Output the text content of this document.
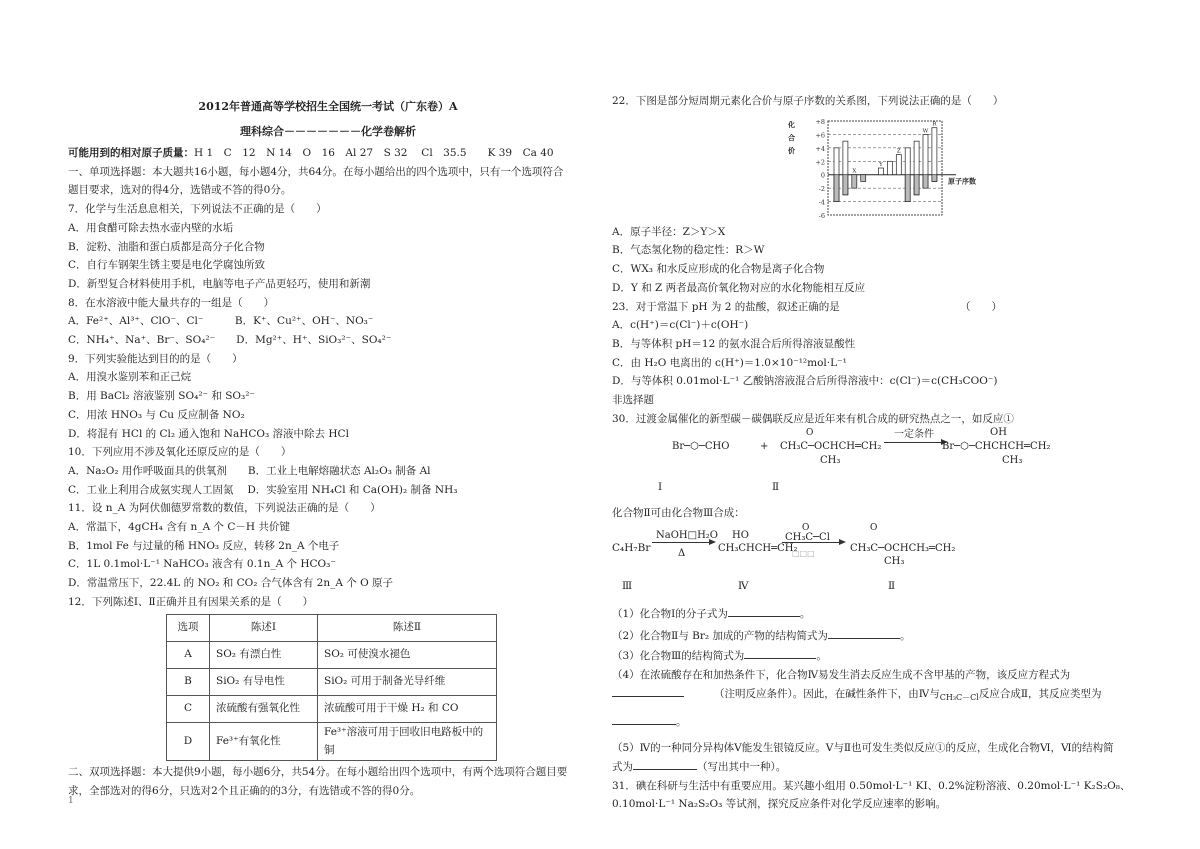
2012年普通高等学校招生全国统一考试（广东卷）A
理科综合－－－－－－－化学卷解析
可能用到的相对原子质量：H 1　C　12　N 14　O　16　Al 27　S 32　 Cl　35.5　　K 39　Ca 40
一、单项选择题：本大题共16小题，每小题4分，共64分。在每小题给出的四个选项中，只有一个选项符合
题目要求，选对的得4分，选错或不答的得0分。
7．化学与生活息息相关，下列说法不正确的是（　　）
A．用食醋可除去热水壶内壁的水垢
B．淀粉、油脂和蛋白质都是高分子化合物
C．自行车钢架生锈主要是电化学腐蚀所致
D．新型复合材料使用手机，电脑等电子产品更轻巧，使用和新潮
8．在水溶液中能大量共存的一组是（　　）
A．Fe²⁺、Al³⁺、ClO⁻、Cl⁻　　　B．K⁺、Cu²⁺、OH⁻、NO₃⁻
C．NH₄⁺、Na⁺、Br⁻、SO₄²⁻　　D．Mg²⁺、H⁺、SiO₃²⁻、SO₄²⁻
9．下列实验能达到目的的是（　　）
A．用溴水鉴别苯和正己烷
B．用 BaCl₂ 溶液鉴别 SO₄²⁻ 和 SO₃²⁻
C．用浓 HNO₃ 与 Cu 反应制备 NO₂
D．将混有 HCl 的 Cl₂ 通入饱和 NaHCO₃ 溶液中除去 HCl
10．下列应用不涉及氧化还原反应的是（　　）
A．Na₂O₂ 用作呼吸面具的供氧剂　　B．工业上电解熔融状态 Al₂O₃ 制备 Al
C．工业上利用合成氨实现人工固氮　 D．实验室用 NH₄Cl 和 Ca(OH)₂ 制备 NH₃
11．设 n_A 为阿伏伽德罗常数的数值，下列说法正确的是（　　）
A．常温下，4gCH₄ 含有 n_A 个 C－H 共价键
B．1mol Fe 与过量的稀 HNO₃ 反应，转移 2n_A 个电子
C．1L 0.1mol·L⁻¹ NaHCO₃ 液含有 0.1n_A 个 HCO₃⁻
D．常温常压下，22.4L 的 NO₂ 和 CO₂ 合气体含有 2n_A 个 O 原子
12．下列陈述Ⅰ、Ⅱ正确并且有因果关系的是（　　）
选项	陈述Ⅰ	陈述Ⅱ
A	SO₂ 有漂白性	SO₂ 可使溴水褪色
B	SiO₂ 有导电性	SiO₂ 可用于制备光导纤维
C	浓硫酸有强氧化性	浓硫酸可用于干燥 H₂ 和 CO
D	Fe³⁺有氧化性	Fe³⁺溶液可用于回收旧电路板中的铜
二、双项选择题：本大提供9小题，每小题6分，共54分。在每小题给出四个选项中，有两个选项符合题目要
求，全部选对的得6分，只选对2个且正确的的3分，有选错或不答的得0分。
22．下图是部分短周期元素化合价与原子序数的关系图，下列说法正确的是（　　）
+8
+6
+4
+2
0
-2
-4
-6
原子序数
化
合
价
X
Y
Z
W
R
A．原子半径：Z＞Y＞X
B．气态氢化物的稳定性：R＞W
C．WX₃ 和水反应形成的化合物是离子化合物
D．Y 和 Z 两者最高价氧化物对应的水化物能相互反应
23．对于常温下 pH 为 2 的盐酸，叙述正确的是	（　　）
A．c(H⁺)＝c(Cl⁻)＋c(OH⁻)
B．与等体积 pH＝12 的氨水混合后所得溶液显酸性
C．由 H₂O 电离出的 c(H⁺)＝1.0×10⁻¹²mol·L⁻¹
D．与等体积 0.01mol·L⁻¹ 乙酸钠溶液混合后所得溶液中：c(Cl⁻)＝c(CH₃COO⁻)
非选择题
30．过渡金属催化的新型碳－碳偶联反应是近年来有机合成的研究热点之一，如反应①
Br─⬡─CHO	+
O
CH₃C─OCHCH═CH₂
CH₃
一定条件	OH
Br─⬡─CHCHCH═CH₂
CH₃
Ⅰ	Ⅱ
化合物Ⅱ可由化合物Ⅲ合成：
C₄H₇Br
NaOH□H₂O
Δ
HO
CH₃CHCH═CH₂
O
CH₃C─Cl
□□□
O
CH₃C─OCHCH₃═CH₂
CH₃
Ⅲ	Ⅳ	Ⅱ
（1）化合物Ⅰ的分子式为	。
（2）化合物Ⅱ与 Br₂ 加成的产物的结构简式为	。
（3）化合物Ⅲ的结构简式为	。
（4）在浓硫酸存在和加热条件下，化合物Ⅳ易发生消去反应生成不含甲基的产物，该反应方程式为
（注明反应条件）。因此，在碱性条件下，由Ⅳ与$_{CH_3C-Cl}$反应合成Ⅱ，其反应类型为
。
（5）Ⅳ的一种同分异构体Ⅴ能发生银镜反应。Ⅴ与Ⅱ也可发生类似反应①的反应，生成化合物Ⅵ，Ⅵ的结构简
式为	（写出其中一种）。
31．碘在科研与生活中有重要应用。某兴趣小组用 0.50mol·L⁻¹ KI、0.2%淀粉溶液、0.20mol·L⁻¹ K₂S₂O₈、
0.10mol·L⁻¹ Na₂S₂O₃ 等试剂，探究反应条件对化学反应速率的影响。
1
